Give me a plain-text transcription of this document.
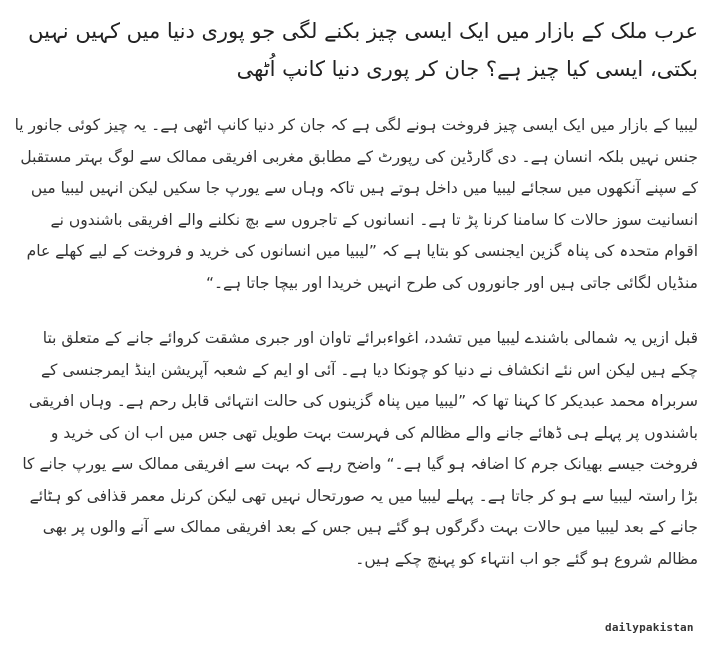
عرب ملک کے بازار میں ایک ایسی چیز بکنے لگی جو پوری دنیا میں کہیں نہیں بکتی، ایسی کیا چیز ہے؟ جان کر پوری دنیا کانپ اُٹھی

لیبیا کے بازار میں ایک ایسی چیز فروخت ہونے لگی ہے کہ جان کر دنیا کانپ اٹھی ہے۔ یہ چیز کوئی جانور یا جنس نہیں بلکہ انسان ہے۔ دی گارڈین کی رپورٹ کے مطابق مغربی افریقی ممالک سے لوگ بہتر مستقبل کے سپنے آنکھوں میں سجائے لیبیا میں داخل ہوتے ہیں تاکہ وہاں سے یورپ جا سکیں لیکن انہیں لیبیا میں انسانیت سوز حالات کا سامنا کرنا پڑ تا ہے۔ انسانوں کے تاجروں سے بچ نکلنے والے افریقی باشندوں نے اقوام متحدہ کی پناہ گزین ایجنسی کو بتایا ہے کہ ”لیبیا میں انسانوں کی خرید و فروخت کے لیے کھلے عام منڈیاں لگائی جاتی ہیں اور جانوروں کی طرح انہیں خریدا اور بیچا جاتا ہے۔“

قبل ازیں یہ شمالی باشندے لیبیا میں تشدد، اغواءبرائے تاوان اور جبری مشقت کروائے جانے کے متعلق بتا چکے ہیں لیکن اس نئے انکشاف نے دنیا کو چونکا دیا ہے۔ آئی او ایم کے شعبہ آپریشن اینڈ ایمرجنسی کے سربراہ محمد عبدیکر کا کہنا تھا کہ ”لیبیا میں پناہ گزینوں کی حالت انتہائی قابل رحم ہے۔ وہاں افریقی باشندوں پر پہلے ہی ڈھائے جانے والے مظالم کی فہرست بہت طویل تھی جس میں اب ان کی خرید و فروخت جیسے بھیانک جرم کا اضافہ ہو گیا ہے۔“ واضح رہے کہ بہت سے افریقی ممالک سے یورپ جانے کا بڑا راستہ لیبیا سے ہو کر جاتا ہے۔ پہلے لیبیا میں یہ صورتحال نہیں تھی لیکن کرنل معمر قذافی کو ہٹائے جانے کے بعد لیبیا میں حالات بہت دگرگوں ہو گئے ہیں جس کے بعد افریقی ممالک سے آنے والوں پر بھی مظالم شروع ہو گئے جو اب انتہاء کو پہنچ چکے ہیں۔

dailypakistan
